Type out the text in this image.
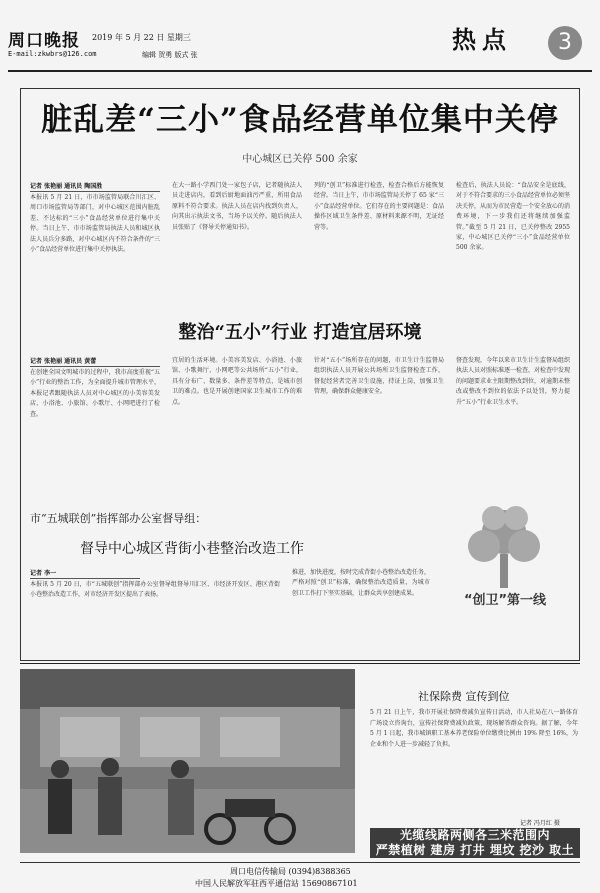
周口晚报
E-mail:zkwbrs@126.com
2019 年 5 月 22 日 星期三
编辑 贺勇 版式 张
热点	3
脏乱差“三小”食品经营单位集中关停
中心城区已关停 500 余家
记者 张艳丽 通讯员 陶国胜
本报讯 5 月 21 日，市市场监管局联合川汇区、周口市场监管局等部门，对中心城区范围内脏乱差、不达标的“三小”食品经营单位进行集中关停。当日上午，市市场监管局执法人员和城区执法人员兵分多路，对中心城区内不符合条件的“三小”食品经营单位进行集中关停执法。
在大一路小学西门处一家包子店，记者随执法人员走进店内，看到后厨地面油污严重，所用食品原料不符合要求。执法人员在店内找到负责人，向其出示执法文书，当场予以关停。随后执法人员张贴了《督导关停通知书》。
列的“创卫”标准进行检查，检查合格后方能恢复经营。当日上午，市市场监管局关停了 65 家“三小”食品经营单位。它们存在的主要问题是：食品操作区域卫生条件差、原材料来源不明，无证经营等。
检查后，执法人员说：“食品安全是底线，对于不符合要求的三小食品经营单位必须坚决关停，从而为市民营造一个安全放心的消费环境，下一步我们还将继续加强监管。”截至 5 月 21 日，已关停整改 2955 家，中心城区已关停“三小”食品经营单位 500 余家。
整治“五小”行业 打造宜居环境
记者 张艳丽 通讯员 黄蕾
在创建全国文明城市的过程中，我市高度重视“五小”行业的整治工作，为全面提升城市管理水平，本报记者跟随执法人员对中心城区的小美容美发店、小浴池、小旅馆、小歌厅、小网吧进行了检查。
宜居的生活环境。小美容美发店、小浴池、小旅馆、小歌舞厅、小网吧等公共场所“五小”行业，具有分布广、数量多、条件差等特点，是城市创卫的难点。也是开展创建国家卫生城市工作的难点。
针对“五小”场所存在的问题，市卫生计生监督局组织执法人员开展公共场所卫生监督检查工作，督促经营者完善卫生设施，持证上岗，加强卫生管理，确保群众健康安全。
督查发现，今年以来市卫生计生监督局组织执法人员对照标准逐一检查，对检查中发现的问题要求业主限期整改到位，对逾期未整改或整改不到位的依法予以处罚，努力提升“五小”行业卫生水平。
市“五城联创”指挥部办公室督导组：
督导中心城区背街小巷整治改造工作
记者 李一
本报讯 5 月 20 日，市“五城联创”指挥部办公室督导组督导川汇区、市经济开发区、港区背街小巷整治改造工作，对市经济开发区提出了表扬。
推进，加快进度，按时完成背街小巷整治改造任务，严格对照“创卫”标准，确保整治改造质量，为城市创卫工作打下坚实基础，让群众共享创建成果。	“创卫”第一线
社保除费 宣传到位
5 月 21 日上午，我市开展社保降费减负宣传日活动，市人社局在八一路体育广场设立咨询台，宣传社保降费减负政策，现场解答群众咨询。据了解，今年 5 月 1 日起，我市城镇职工基本养老保险单位缴费比例由 19% 降至 16%，为企业和个人进一步减轻了负担。
记者 冯月红 摄
光缆线路两侧各三米范围内
严禁植树 建房 打井 埋坟 挖沙 取土
周口电信传输局 (0394)8388365
中国人民解放军驻西平通信站 15690867101
